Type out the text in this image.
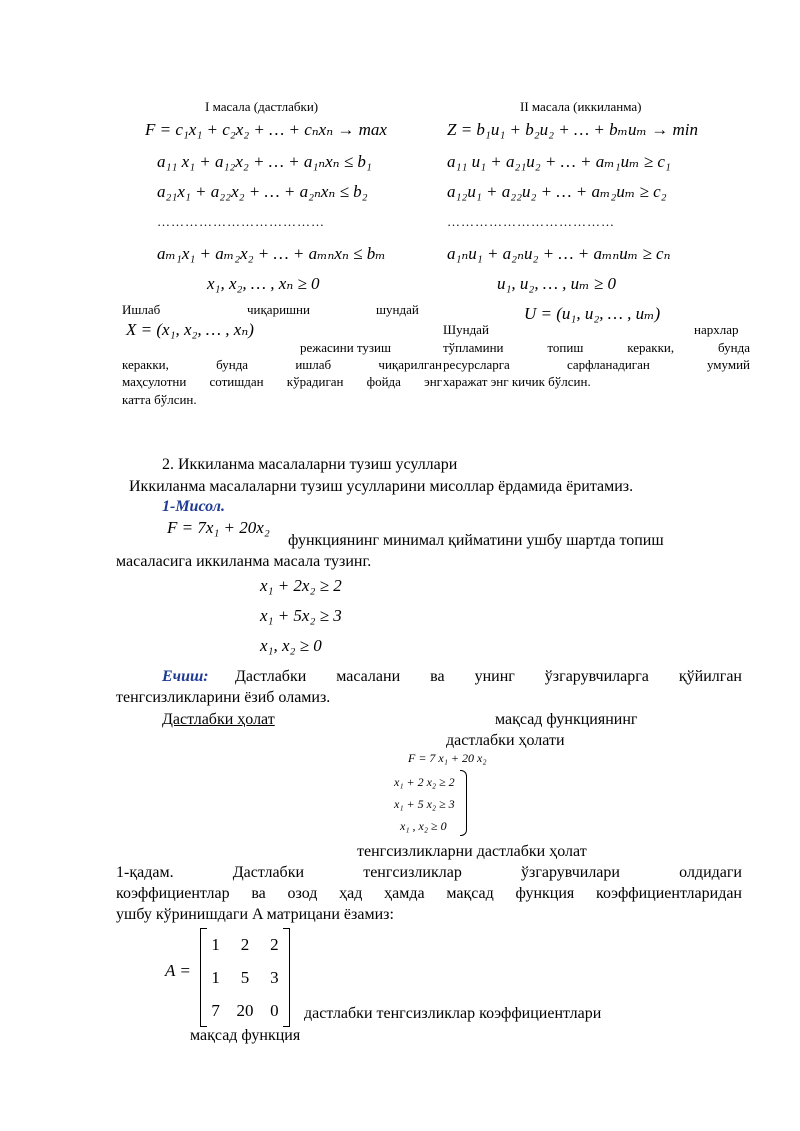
I масала (дастлабки)
F = c₁x₁ + c₂x₂ + … + cₙxₙ → max
a₁₁ x₁ + a₁₂x₂ + … + a₁ₙxₙ ≤ b₁
a₂₁x₁ + a₂₂x₂ + … + a₂ₙxₙ ≤ b₂
………………………………
aₘ₁x₁ + aₘ₂x₂ + … + aₘₙxₙ ≤ bₘ
x₁, x₂, … , xₙ ≥ 0
Ишлаб	чиқаришни	шундай
X = (x₁, x₂, … , xₙ)
режасини тузиш
керакки, бунда ишлаб чиқарилган
маҳсулотни сотишдан кўрадиган фойда энг
катта бўлсин.
II масала (иккиланма)
Z = b₁u₁ + b₂u₂ + … + bₘuₘ → min
a₁₁ u₁ + a₂₁u₂ + … + aₘ₁uₘ ≥ c₁
a₁₂u₁ + a₂₂u₂ + … + aₘ₂uₘ ≥ c₂
………………………………
a₁ₙu₁ + a₂ₙu₂ + … + aₘₙuₘ ≥ cₙ
u₁, u₂, … , uₘ ≥ 0
U = (u₁, u₂, … , uₘ)
Шундай	нархлар
тўпламини топиш керакки, бунда
ресурсларга сарфланадиган умумий
харажат энг кичик бўлсин.
2. Иккиланма масалаларни тузиш усуллари
Иккиланма масалаларни тузиш усулларини мисоллар ёрдамида ёритамиз.
1-Мисол.
F = 7x₁ + 20x₂
функциянинг минимал қийматини ушбу шартда топиш
масаласига иккиланма масала тузинг.
x₁ + 2x₂ ≥ 2
x₁ + 5x₂ ≥ 3
x₁, x₂ ≥ 0
Ечиш: Дастлабки масалани ва унинг ўзгарувчиларга қўйилган
тенгсизликларини ёзиб оламиз.
Дастлабки ҳолат	мақсад функциянинг
дастлабки ҳолати
F = 7 x₁ + 20 x₂
x₁ + 2 x₂ ≥ 2
x₁ + 5 x₂ ≥ 3
x₁ , x₂ ≥ 0
тенгсизликларни дастлабки ҳолат
1-қадам. Дастлабки тенгсизликлар ўзгарувчилари олдидаги
коэффициентлар ва озод ҳад ҳамда мақсад функция коэффициентларидан
ушбу кўринишдаги A матрицани ёзамиз:
A =
1	2	2
1	5	3
7 20 0	дастлабки тенгсизликлар коэффициентлари
мақсад функция
